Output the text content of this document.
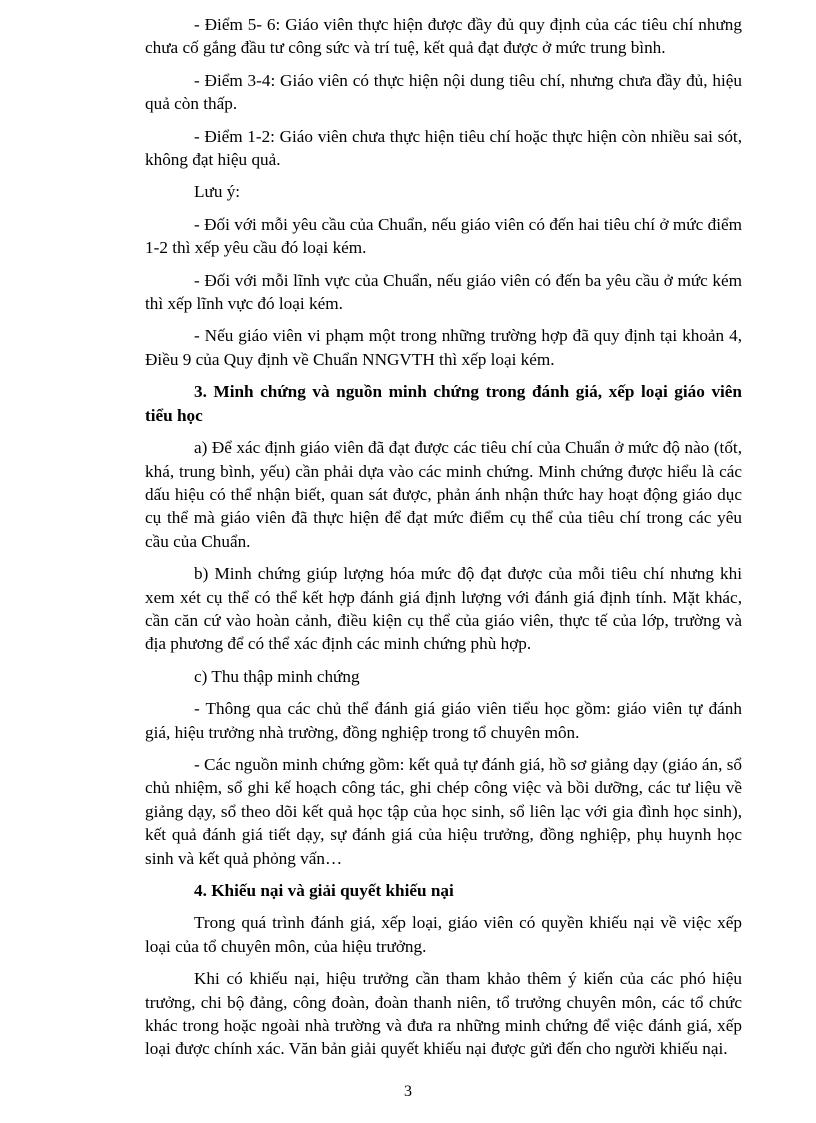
- Điểm 5- 6: Giáo viên thực hiện được đầy đủ quy định của các tiêu chí nhưng chưa cố gắng đầu tư công sức và trí tuệ, kết quả đạt được ở mức trung bình.

- Điểm 3-4: Giáo viên có thực hiện nội dung tiêu chí, nhưng chưa đầy đủ, hiệu quả còn thấp.

- Điểm 1-2: Giáo viên chưa thực hiện tiêu chí hoặc thực hiện còn nhiều sai sót, không đạt hiệu quả.

Lưu ý:

- Đối với mỗi yêu cầu của Chuẩn, nếu giáo viên có đến hai tiêu chí ở mức điểm 1-2 thì xếp yêu cầu đó loại kém.

- Đối với mỗi lĩnh vực của Chuẩn, nếu giáo viên có đến ba yêu cầu ở mức kém thì xếp lĩnh vực đó loại kém.

- Nếu giáo viên vi phạm một trong những trường hợp đã quy định tại khoản 4, Điều 9 của Quy định về Chuẩn NNGVTH thì xếp loại kém.

3. Minh chứng và nguồn minh chứng trong đánh giá, xếp loại giáo viên tiểu học

a) Để xác định giáo viên đã đạt được các tiêu chí của Chuẩn ở mức độ nào (tốt, khá, trung bình, yếu) cần phải dựa vào các minh chứng. Minh chứng được hiểu là các dấu hiệu có thể nhận biết, quan sát được, phản ánh nhận thức hay hoạt động giáo dục cụ thể mà giáo viên đã thực hiện để đạt mức điểm cụ thể của tiêu chí trong các yêu cầu của Chuẩn.

b) Minh chứng giúp lượng hóa mức độ đạt được của mỗi tiêu chí nhưng khi xem xét cụ thể có thể kết hợp đánh giá định lượng với đánh giá định tính. Mặt khác, cần căn cứ vào hoàn cảnh, điều kiện cụ thể của giáo viên, thực tế của lớp, trường và địa phương để có thể xác định các minh chứng phù hợp.

c) Thu thập minh chứng

- Thông qua các chủ thể đánh giá giáo viên tiểu học gồm: giáo viên tự đánh giá, hiệu trưởng nhà trường, đồng nghiệp trong tổ chuyên môn.

- Các nguồn minh chứng gồm: kết quả tự đánh giá, hồ sơ giảng dạy (giáo án, sổ chủ nhiệm, sổ ghi kế hoạch công tác, ghi chép công việc và bồi dưỡng, các tư liệu về giảng dạy, sổ theo dõi kết quả học tập của học sinh, sổ liên lạc với gia đình học sinh), kết quả đánh giá tiết dạy, sự đánh giá của hiệu trưởng, đồng nghiệp, phụ huynh học sinh và kết quả phỏng vấn…

4. Khiếu nại và giải quyết khiếu nại

Trong quá trình đánh giá, xếp loại, giáo viên có quyền khiếu nại về việc xếp loại của tổ chuyên môn, của hiệu trưởng.

Khi có khiếu nại, hiệu trưởng cần tham khảo thêm ý kiến của các phó hiệu trưởng, chi bộ đảng, công đoàn, đoàn thanh niên, tổ trưởng chuyên môn, các tổ chức khác trong hoặc ngoài nhà trường và đưa ra những minh chứng để việc đánh giá, xếp loại được chính xác. Văn bản giải quyết khiếu nại được gửi đến cho người khiếu nại.

3
